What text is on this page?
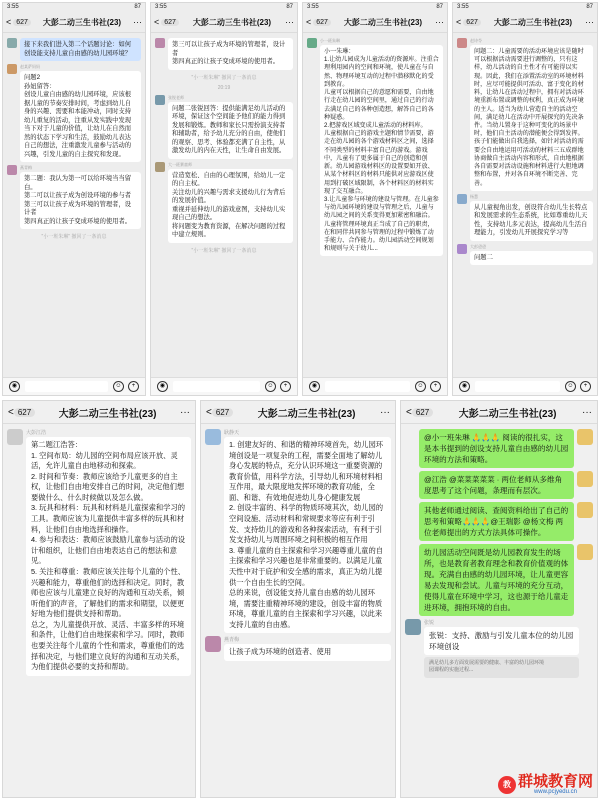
3:55	87
< 627	大彭二动三生书社(23)	···
接下来我们进入第二个话题讨论：如何创设能支持儿童自由感的幼儿园环境？
赵某萨妈妈
问题2
孙妞留答：
创设儿童自由感的幼儿园环境，应该根据儿童的节奏安排时间，考虑到幼儿自身的兴趣、需要和本能冲动，同时支持幼儿重复的活动，注重从发实践中发现当下对于儿童的价值，让幼儿在自然而然的状态下学习和生活，鼓励幼儿表达自己的想法，注重激发儿童参与活动的兴趣，引发儿童的自主探究和发现。
燕青梅
第二题：我认为第一可以给环境当当留白。
第二可以让孩子成为创设环境的参与者
第三可以让孩子成为环境的管理者，设计者
第四真正的让孩子变成环境的使用者。
"小一班朱琳" 撤回了一条消息
◉	☺	+
3:55	87
< 627	大彭二动三生书社(23)	···
第三可以让孩子成为环境的管理者，设计者
第四真正的让孩子变成环境的使用者。
"小一班朱琳" 撤回了一条消息
20:19
张锐老师
问题二张锐回答：提供能满足幼儿活动的环境，保证这个空间能予他们的能力得到发展和锻炼。教师和家长只需扮演支持者和辅助者，给予幼儿充分的自由，使他们的观察、思考、体验都充满了自主性，从激发幼儿的内在天性，让生命自由发展。
大一班赛童师
营造宽松、自由的心理氛围，给幼儿一定的自主权。
关注幼儿的兴趣与需求支援幼儿行为背后的发展价值。
重视并延伸幼儿的游戏意图，支持幼儿实现自己的想法。
将问题变为教育资源，在解决问题的过程中建立规则。
"小一班朱琳" 撤回了一条消息
◉	☺	+
3:55	87
< 627	大彭二动三生书社(23)	···
小一班朱琳
小一朱琳：
1.让幼儿园成为儿童活动的资源库。注重合理利用园内的空间和环境，使儿童在与自然、物理环境互动的过程中潜移默化的受到教育。
儿童可以根据自己的意愿和需要，自由地行走在幼儿园的空间里，通过自己的行动去满足自己的各种创造想，解答自己的各种疑惑。
2.把游戏区域变成儿童活动的材料库。
儿童根据自己的游戏主题和情节需要，游走在幼儿园的各个游戏材料区之间，选择不同类型的材料丰富自己的游戏。游戏中，儿童有了更多属于自己的创造和创新。幼儿园游戏材料区的设置要如开放、从某个材料区的材料只能供对应游戏区使用到打破区域限制，各个材料区的材料实现了交互融合。
3.让儿童参与环境的建设与管理。在儿童参与幼儿园环境的建设与管理之后，儿童与幼儿园之间的关系变得更加紧密和融洽。儿童将管理环境真正当成了自己的职责，在和同伴共同参与管理的过程中锻炼了动手能力、合作能力。幼儿园活动空间规划和规则与关于幼儿...
◉	☺	+
3:55	87
< 627	大彭二动三生书社(23)	···
赵诗苓
问题二：儿童需要的活动环境应该是随时可以根据活动需要进行调整的，只有这样，幼儿活动的自主性才有可能得以实现。因此，我们在添置活动室的环境材料时，应尽可能提供可活动、富于变化的材料，让幼儿在活动过程中，拥有对活动环境重新布置或调整的权利，真正成为环境的主人。适当为幼儿营造自主的活动空间，满足幼儿在活动中开展探究的先决条件。当幼儿置身于这种可变化的场景中时，他们自主活动的潜能便会得到发挥。孩子们能做出自我选择，如针对活动的需要会自由地运用可活动的材料三五成群地协商做自主活动内容和形式，自由地根据各自需要对活动设施和材料进行大胆地调整和布置，并对各自环境不断完善、完善。
杨慧
从儿童视角出发，创设符合幼儿生长特点和发展需求的生态系统，比如尊重幼儿天性，支持幼儿多元表达，提高幼儿生活自理能力，引发幼儿开展探究学习等
大彭爸爸
问题二
◉	☺	+
< 627	大彭二动三生书社(23)	···
大彭江浩
第二题江浩答：
1. 空间布局：幼儿园的空间布局应该开放、灵活，允许儿童自由地移动和探索。
2. 时间和节奏：教师应该给予儿童更多的自主权，让他们自由地安排自己的时间，决定他们想要做什么、什么时候做以及怎么做。
3. 玩具和材料：玩具和材料是儿童探索和学习的工具。教师应该为儿童提供丰富多样的玩具和材料，让他们自由地选择和操作。
4. 参与和表达：教师应该鼓励儿童参与活动的设计和组织，让他们自由地表达自己的想法和意见。
5. 关注和尊重：教师应该关注每个儿童的个性、兴趣和能力，尊重他们的选择和决定。同时，教师也应该与儿童建立良好的沟通和互动关系，倾听他们的声音，了解他们的需求和期望，以便更好地为他们提供支持和帮助。
总之，为儿童提供开放、灵活、丰富多样的环境和条件，让他们自由地探索和学习。同时，教师也要关注每个儿童的个性和需求，尊重他们的选择和决定，与他们建立良好的沟通和互动关系，为他们提供必要的支持和帮助。
< 627	大彭二动三生书社(23)	···
耿静天
1. 创建友好的、和谐的精神环境首先，幼儿园环境创设是一项复杂的工程，需要全面地了解幼儿身心发展的特点，充分认识环境这一重要资源的教育价值，用科学方法，引导幼儿和环境材料相互作用，最大限度地发挥环境的教育功能，全面、和谐、有效地促进幼儿身心健康发展
2. 创设丰富的、科学的物质环境其次，幼儿园的空间设施、活动材料和常规要求等应有利于引发、支持幼儿的游戏和各种探索活动，有利于引发支持幼儿与周围环境之间积极的相互作用
3. 尊重儿童的自主探索和学习兴趣尊重儿童的自主探索和学习兴趣也是非常重要的。以满足儿童天性中对于庇护和安全感的需求，真正为幼儿提供一个自由生长的空间。
总的来说，创设能支持儿童自由感的幼儿园环境，需要注重精神环境的建设，创设丰富的物质环境，尊重儿童的自主探索和学习兴趣，以此来支持儿童的自由感。
燕青梅
让孩子成为环境的创造者、使用
< 627	大彭二动三生书社(23)	···
@小一班朱琳 🙏🙏🙏 阅读的很扎实，这是本书提到的创设支持儿童自由感的幼儿园环境的方法和策略。
@江浩 @菜菜菜菜菜 · 两位老师从多维角度思考了这个问题，条理而有层次。
其他老师通过阅读、查阅资料给出了自己的思考和策略🙏🙏🙏@王瑞影 @杨文梅 两位老师提出的方式方法具体可操作。
幼儿园活动空间既是幼儿园教育发生的场所，也是教育者教育理念和教育价值观的体现。充满自由感的幼儿园环境，让儿童更容易去发现和尝试。儿童与环境的充分互动，使得儿童在环境中学习，这也源于给儿童走进环境，拥抱环境的自由。
张锐
张锐：支持、激励与引发儿童本位的幼儿园环境创设
满足幼儿多方面发展需要的健康、丰富的幼儿园环境
园课程的实施过程...
教 群城教育网
www.pcjyedu.cn
